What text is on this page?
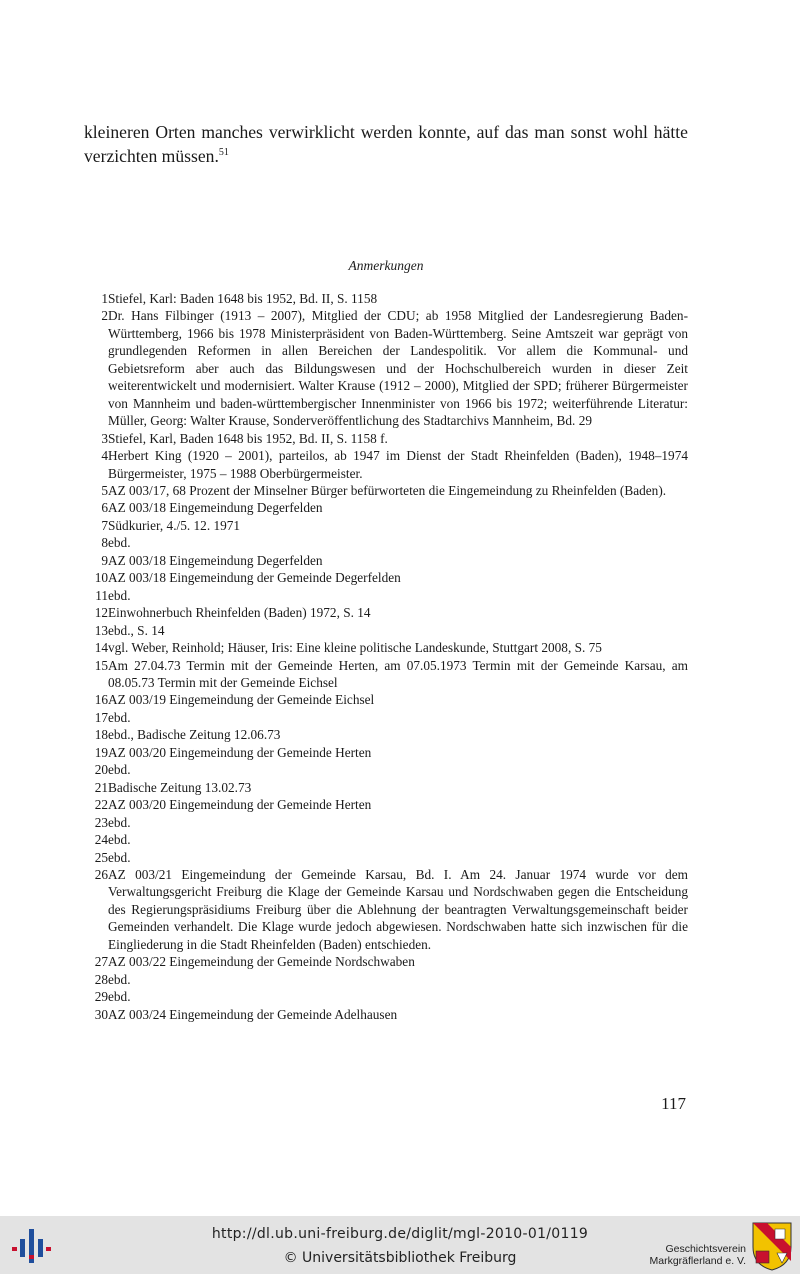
kleineren Orten manches verwirklicht werden konnte, auf das man sonst wohl hätte verzichten müssen.$^{51}$

Anmerkungen
1 Stiefel, Karl: Baden 1648 bis 1952, Bd. II, S. 1158
2 Dr. Hans Filbinger (1913 – 2007), Mitglied der CDU; ab 1958 Mitglied der Landesregierung Baden-Württemberg, 1966 bis 1978 Ministerpräsident von Baden-Württemberg. Seine Amtszeit war geprägt von grundlegenden Reformen in allen Bereichen der Landespolitik. Vor allem die Kommunal- und Gebietsreform aber auch das Bildungswesen und der Hochschulbereich wurden in dieser Zeit weiterentwickelt und modernisiert. Walter Krause (1912 – 2000), Mitglied der SPD; früherer Bürgermeister von Mannheim und baden-württembergischer Innenminister von 1966 bis 1972; weiterführende Literatur: Müller, Georg: Walter Krause, Sonderveröffentlichung des Stadtarchivs Mannheim, Bd. 29
3 Stiefel, Karl, Baden 1648 bis 1952, Bd. II, S. 1158 f.
4 Herbert King (1920 – 2001), parteilos, ab 1947 im Dienst der Stadt Rheinfelden (Baden), 1948–1974 Bürgermeister, 1975 – 1988 Oberbürgermeister.
5 AZ 003/17, 68 Prozent der Minselner Bürger befürworteten die Eingemeindung zu Rheinfelden (Baden).
6 AZ 003/18 Eingemeindung Degerfelden
7 Südkurier, 4./5. 12. 1971
8 ebd.
9 AZ 003/18 Eingemeindung Degerfelden
10 AZ 003/18 Eingemeindung der Gemeinde Degerfelden
11 ebd.
12 Einwohnerbuch Rheinfelden (Baden) 1972, S. 14
13 ebd., S. 14
14 vgl. Weber, Reinhold; Häuser, Iris: Eine kleine politische Landeskunde, Stuttgart 2008, S. 75
15 Am 27.04.73 Termin mit der Gemeinde Herten, am 07.05.1973 Termin mit der Gemeinde Karsau, am 08.05.73 Termin mit der Gemeinde Eichsel
16 AZ 003/19 Eingemeindung der Gemeinde Eichsel
17 ebd.
18 ebd., Badische Zeitung 12.06.73
19 AZ 003/20 Eingemeindung der Gemeinde Herten
20 ebd.
21 Badische Zeitung 13.02.73
22 AZ 003/20 Eingemeindung der Gemeinde Herten
23 ebd.
24 ebd.
25 ebd.
26 AZ 003/21 Eingemeindung der Gemeinde Karsau, Bd. I. Am 24. Januar 1974 wurde vor dem Verwaltungsgericht Freiburg die Klage der Gemeinde Karsau und Nordschwaben gegen die Entscheidung des Regierungspräsidiums Freiburg über die Ablehnung der beantragten Verwaltungsgemeinschaft beider Gemeinden verhandelt. Die Klage wurde jedoch abgewiesen. Nordschwaben hatte sich inzwischen für die Eingliederung in die Stadt Rheinfelden (Baden) entschieden.
27 AZ 003/22 Eingemeindung der Gemeinde Nordschwaben
28 ebd.
29 ebd.
30 AZ 003/24 Eingemeindung der Gemeinde Adelhausen
117
http://dl.ub.uni-freiburg.de/diglit/mgl-2010-01/0119
© Universitätsbibliothek Freiburg
Geschichtsverein
Markgräflerland e. V.
